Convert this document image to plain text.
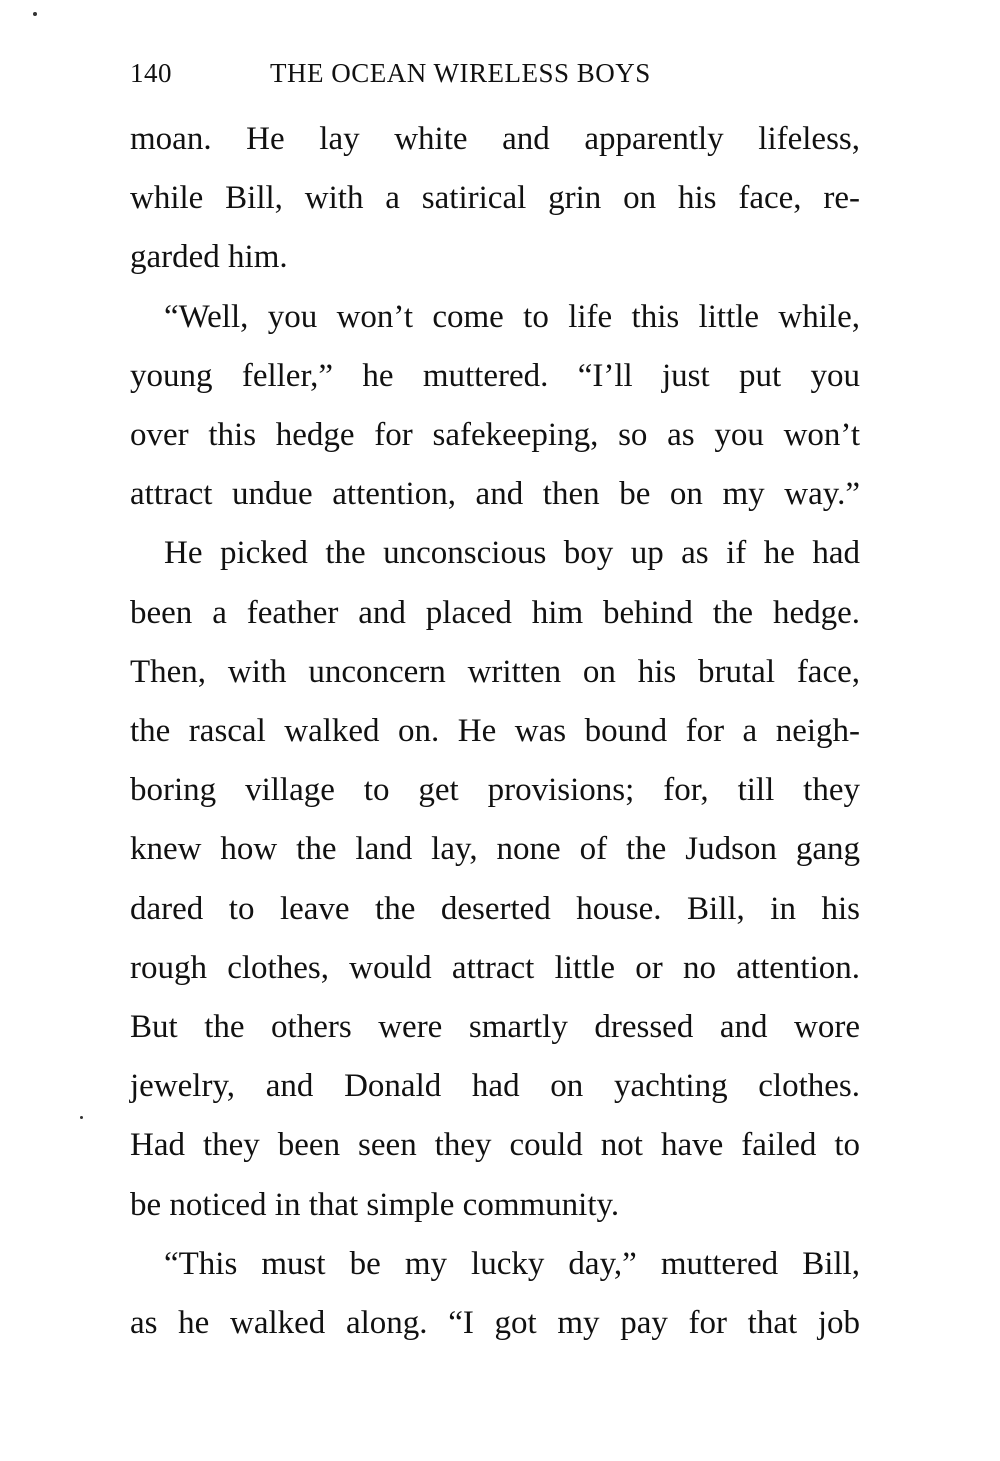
140	THE OCEAN WIRELESS BOYS

moan. He lay white and apparently lifeless,
while Bill, with a satirical grin on his face, re-
garded him.

“Well, you won’t come to life this little while,
young feller,” he muttered. “I’ll just put you
over this hedge for safekeeping, so as you won’t
attract undue attention, and then be on my way.”

He picked the unconscious boy up as if he had
been a feather and placed him behind the hedge.
Then, with unconcern written on his brutal face,
the rascal walked on. He was bound for a neigh-
boring village to get provisions; for, till they
knew how the land lay, none of the Judson gang
dared to leave the deserted house. Bill, in his
rough clothes, would attract little or no attention.
But the others were smartly dressed and wore
jewelry, and Donald had on yachting clothes.
Had they been seen they could not have failed to
be noticed in that simple community.

“This must be my lucky day,” muttered Bill,
as he walked along. “I got my pay for that job
